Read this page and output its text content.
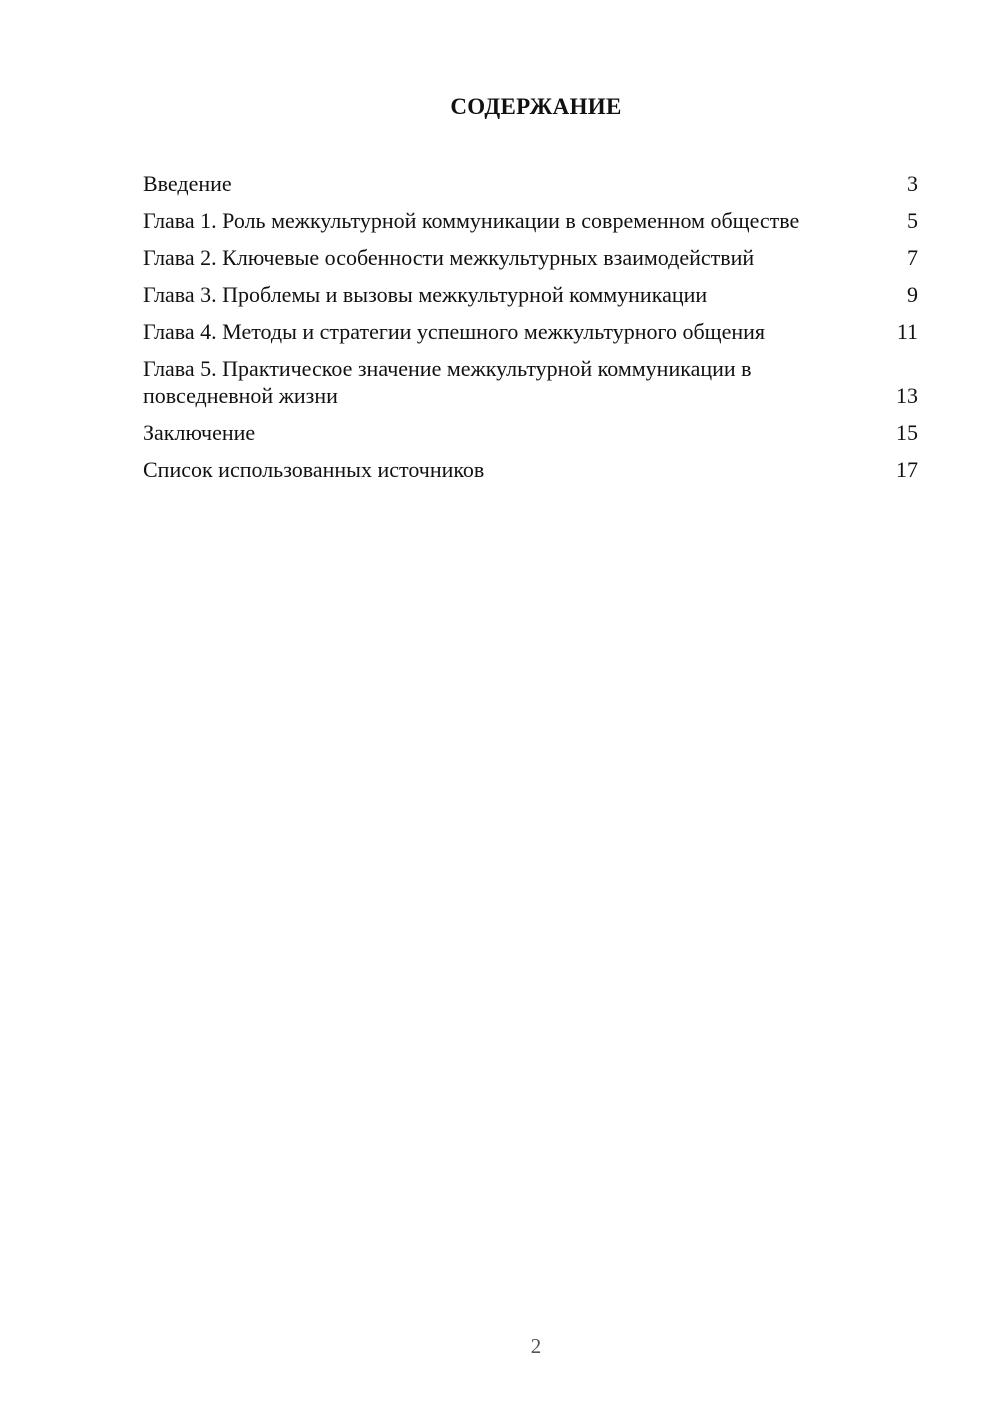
СОДЕРЖАНИЕ
Введение	3
Глава 1. Роль межкультурной коммуникации в современном обществе	5
Глава 2. Ключевые особенности межкультурных взаимодействий	7
Глава 3. Проблемы и вызовы межкультурной коммуникации	9
Глава 4. Методы и стратегии успешного межкультурного общения	11
Глава 5. Практическое значение межкультурной коммуникации в повседневной жизни	13
Заключение	15
Список использованных источников	17
2
